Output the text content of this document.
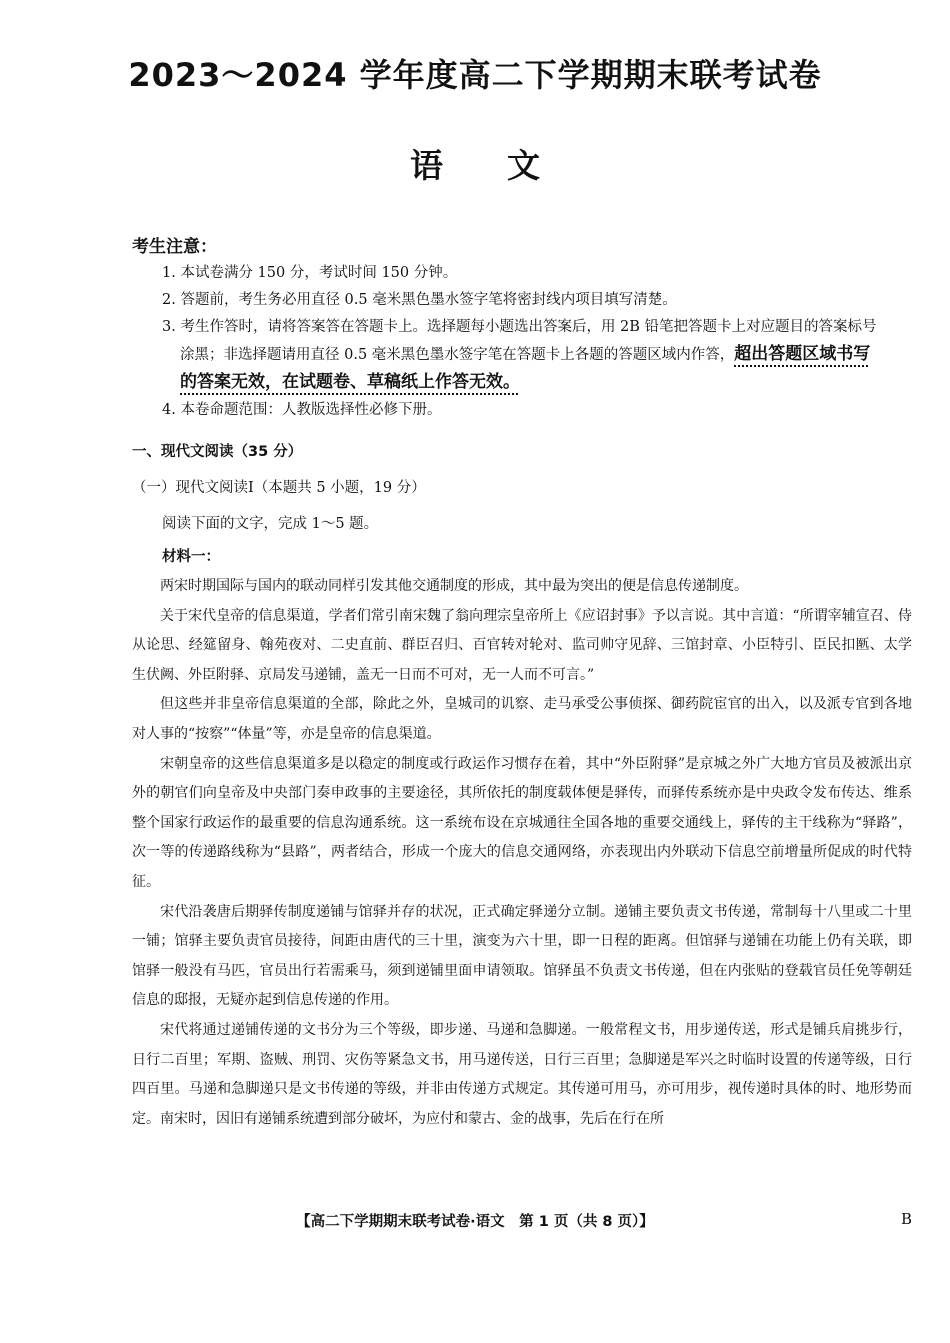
2023～2024 学年度高二下学期期末联考试卷
语文
考生注意：

1. 本试卷满分 150 分，考试时间 150 分钟。

2. 答题前，考生务必用直径 0.5 毫米黑色墨水签字笔将密封线内项目填写清楚。

3. 考生作答时，请将答案答在答题卡上。选择题每小题选出答案后，用 2B 铅笔把答题卡上对应题目的答案标号

涂黑；非选择题请用直径 0.5 毫米黑色墨水签字笔在答题卡上各题的答题区域内作答，超出答题区域书写

的答案无效，在试题卷、草稿纸上作答无效。

4. 本卷命题范围：人教版选择性必修下册。

一、现代文阅读（35 分）
（一）现代文阅读Ⅰ（本题共 5 小题，19 分）
阅读下面的文字，完成 1～5 题。
材料一：

两宋时期国际与国内的联动同样引发其他交通制度的形成，其中最为突出的便是信息传递制度。

关于宋代皇帝的信息渠道，学者们常引南宋魏了翁向理宗皇帝所上《应诏封事》予以言说。其中言道：“所谓宰辅宣召、侍从论思、经筵留身、翰苑夜对、二史直前、群臣召归、百官转对轮对、监司帅守见辞、三馆封章、小臣特引、臣民扣匦、太学生伏阙、外臣附驿、京局发马递铺，盖无一日而不可对，无一人而不可言。”

但这些并非皇帝信息渠道的全部，除此之外，皇城司的讥察、走马承受公事侦探、御药院宦官的出入，以及派专官到各地对人事的“按察”“体量”等，亦是皇帝的信息渠道。

宋朝皇帝的这些信息渠道多是以稳定的制度或行政运作习惯存在着，其中“外臣附驿”是京城之外广大地方官员及被派出京外的朝官们向皇帝及中央部门奏申政事的主要途径，其所依托的制度载体便是驿传，而驿传系统亦是中央政令发布传达、维系整个国家行政运作的最重要的信息沟通系统。这一系统布设在京城通往全国各地的重要交通线上，驿传的主干线称为“驿路”，次一等的传递路线称为“县路”，两者结合，形成一个庞大的信息交通网络，亦表现出内外联动下信息空前增量所促成的时代特征。

宋代沿袭唐后期驿传制度递铺与馆驿并存的状况，正式确定驿递分立制。递铺主要负责文书传递，常制每十八里或二十里一铺；馆驿主要负责官员接待，间距由唐代的三十里，演变为六十里，即一日程的距离。但馆驿与递铺在功能上仍有关联，即馆驿一般没有马匹，官员出行若需乘马，须到递铺里面申请领取。馆驿虽不负责文书传递，但在内张贴的登载官员任免等朝廷信息的邸报，无疑亦起到信息传递的作用。

宋代将通过递铺传递的文书分为三个等级，即步递、马递和急脚递。一般常程文书，用步递传送，形式是铺兵肩挑步行，日行二百里；军期、盗贼、刑罚、灾伤等紧急文书，用马递传送，日行三百里；急脚递是军兴之时临时设置的传递等级，日行四百里。马递和急脚递只是文书传递的等级，并非由传递方式规定。其传递可用马，亦可用步，视传递时具体的时、地形势而定。南宋时，因旧有递铺系统遭到部分破坏，为应付和蒙古、金的战事，先后在行在所

【高二下学期期末联考试卷·语文　第 1 页（共 8 页）】	B
